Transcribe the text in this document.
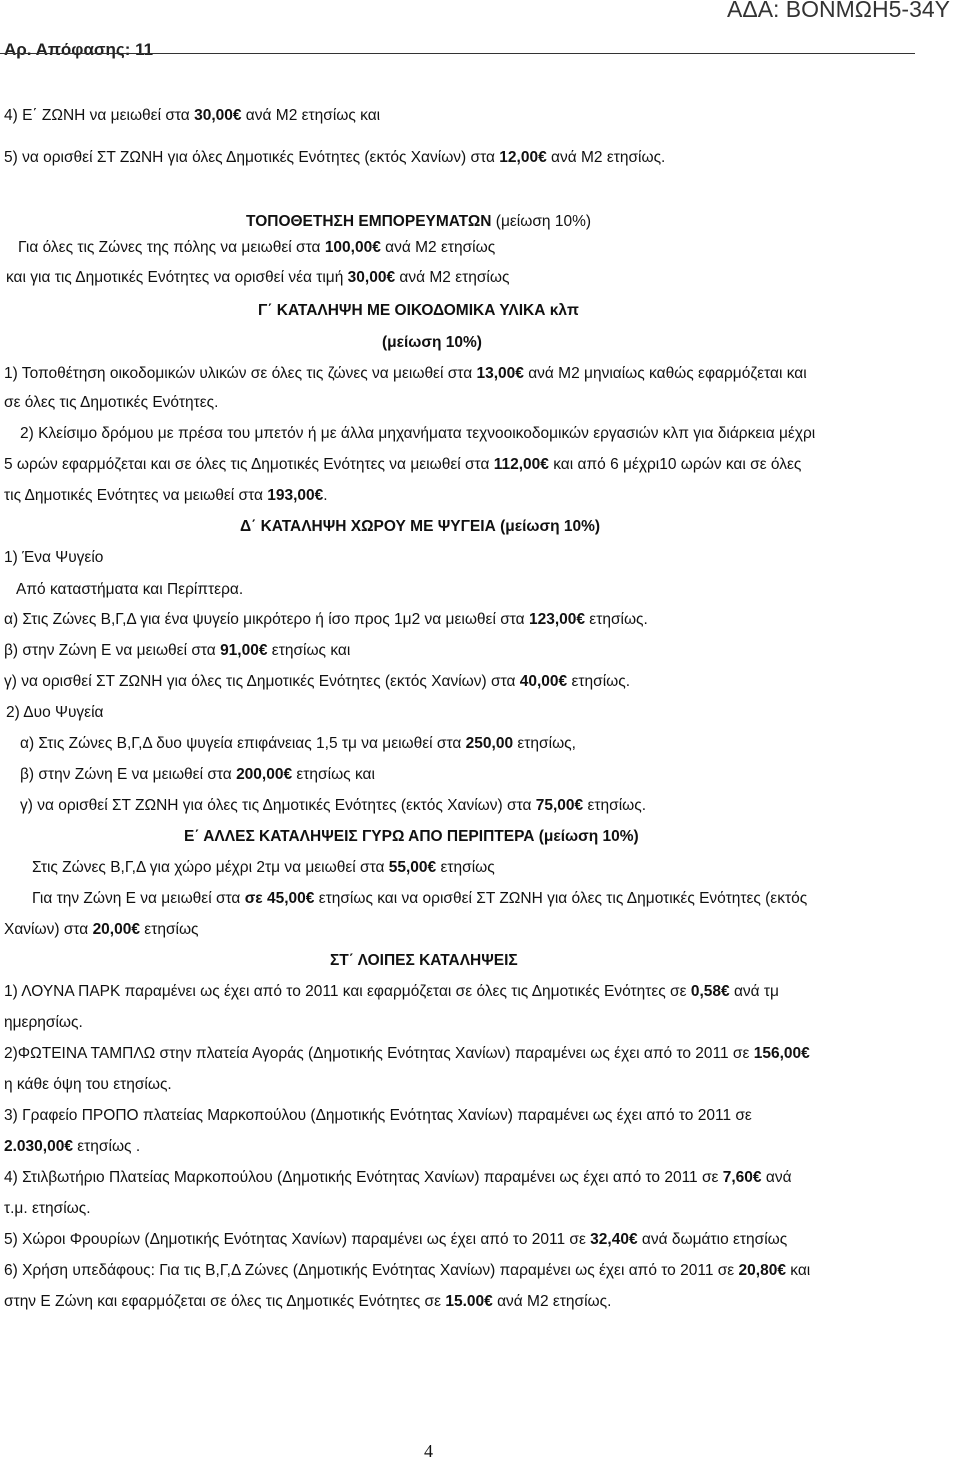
ΑΔΑ: ΒΟΝΜΩΗ5-34Υ
Αρ. Απόφασης: 11
4) Ε΄ ΖΩΝΗ να μειωθεί στα 30,00€ ανά Μ2 ετησίως και
5) να ορισθεί ΣΤ ΖΩΝΗ για όλες Δημοτικές Ενότητες (εκτός Χανίων) στα 12,00€ ανά Μ2 ετησίως.
ΤΟΠΟΘΕΤΗΣΗ ΕΜΠΟΡΕΥΜΑΤΩΝ (μείωση 10%)
Για όλες τις Ζώνες της πόλης να μειωθεί στα 100,00€ ανά Μ2 ετησίως
και για τις Δημοτικές Ενότητες να ορισθεί νέα τιμή 30,00€ ανά Μ2 ετησίως
Γ΄ ΚΑΤΑΛΗΨΗ ΜΕ ΟΙΚΟΔΟΜΙΚΑ ΥΛΙΚΑ κλπ
(μείωση 10%)
1) Τοποθέτηση οικοδομικών υλικών σε όλες τις ζώνες να μειωθεί στα 13,00€ ανά Μ2 μηνιαίως καθώς εφαρμόζεται και
σε όλες τις Δημοτικές Ενότητες.
2) Κλείσιμο δρόμου με πρέσα του μπετόν ή με άλλα μηχανήματα τεχνοοικοδομικών εργασιών κλπ για διάρκεια μέχρι
5 ωρών εφαρμόζεται και σε όλες τις Δημοτικές Ενότητες να μειωθεί στα 112,00€ και από 6 μέχρι10 ωρών και σε όλες
τις Δημοτικές Ενότητες να μειωθεί στα 193,00€.
Δ΄ ΚΑΤΑΛΗΨΗ ΧΩΡΟΥ ΜΕ ΨΥΓΕΙΑ (μείωση 10%)
1) Ένα Ψυγείο
Από καταστήματα και Περίπτερα.
α) Στις Ζώνες Β,Γ,Δ για ένα ψυγείο μικρότερο ή ίσο προς 1μ2 να μειωθεί στα 123,00€ ετησίως.
β) στην Ζώνη Ε να μειωθεί στα 91,00€ ετησίως και
γ) να ορισθεί ΣΤ ΖΩΝΗ για όλες τις Δημοτικές Ενότητες (εκτός Χανίων) στα 40,00€ ετησίως.
2) Δυο Ψυγεία
α) Στις Ζώνες Β,Γ,Δ δυο ψυγεία επιφάνειας 1,5 τμ να μειωθεί στα 250,00 ετησίως,
β) στην Ζώνη Ε να μειωθεί στα 200,00€ ετησίως και
γ) να ορισθεί ΣΤ ΖΩΝΗ για όλες τις Δημοτικές Ενότητες (εκτός Χανίων) στα 75,00€ ετησίως.
Ε΄ ΑΛΛΕΣ ΚΑΤΑΛΗΨΕΙΣ ΓΥΡΩ ΑΠΟ ΠΕΡΙΠΤΕΡΑ (μείωση 10%)
Στις Ζώνες Β,Γ,Δ για χώρο μέχρι 2τμ να μειωθεί στα 55,00€ ετησίως
Για την Ζώνη Ε να μειωθεί στα σε 45,00€ ετησίως και να ορισθεί ΣΤ ΖΩΝΗ για όλες τις Δημοτικές Ενότητες (εκτός
Χανίων) στα 20,00€ ετησίως
ΣΤ΄ ΛΟΙΠΕΣ ΚΑΤΑΛΗΨΕΙΣ
1) ΛΟΥΝΑ ΠΑΡΚ παραμένει ως έχει από το 2011 και εφαρμόζεται σε όλες τις Δημοτικές Ενότητες σε 0,58€ ανά τμ
ημερησίως.
2)ΦΩΤΕΙΝΑ ΤΑΜΠΛΩ στην πλατεία Αγοράς (Δημοτικής Ενότητας Χανίων) παραμένει ως έχει από το 2011 σε 156,00€
η κάθε όψη του ετησίως.
3) Γραφείο ΠΡΟΠΟ πλατείας Μαρκοπούλου (Δημοτικής Ενότητας Χανίων) παραμένει ως έχει από το 2011 σε
2.030,00€ ετησίως .
4) Στιλβωτήριο Πλατείας Μαρκοπούλου (Δημοτικής Ενότητας Χανίων) παραμένει ως έχει από το 2011 σε 7,60€ ανά
τ.μ. ετησίως.
5) Χώροι Φρουρίων (Δημοτικής Ενότητας Χανίων) παραμένει ως έχει από το 2011 σε 32,40€ ανά δωμάτιο ετησίως
6) Χρήση υπεδάφους: Για τις Β,Γ,Δ Ζώνες (Δημοτικής Ενότητας Χανίων) παραμένει ως έχει από το 2011 σε 20,80€ και
στην Ε Ζώνη και εφαρμόζεται σε όλες τις Δημοτικές Ενότητες σε 15.00€ ανά Μ2 ετησίως.
4
